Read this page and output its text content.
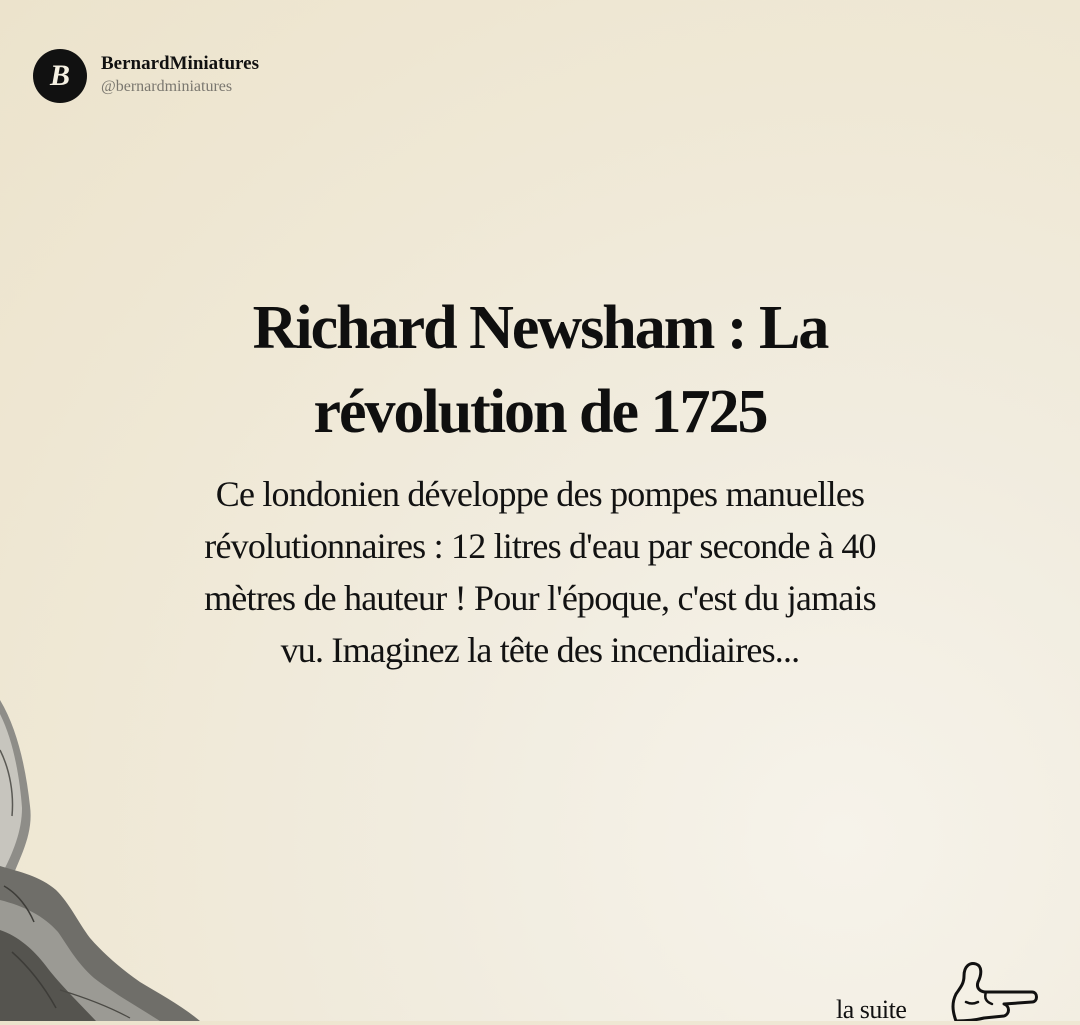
B	BernardMiniatures
@bernardminiatures
Richard Newsham : La révolution de 1725

Ce londonien développe des pompes manuelles révolutionnaires : 12 litres d'eau par seconde à 40 mètres de hauteur ! Pour l'époque, c'est du jamais vu. Imaginez la tête des incendiaires...

la suite
